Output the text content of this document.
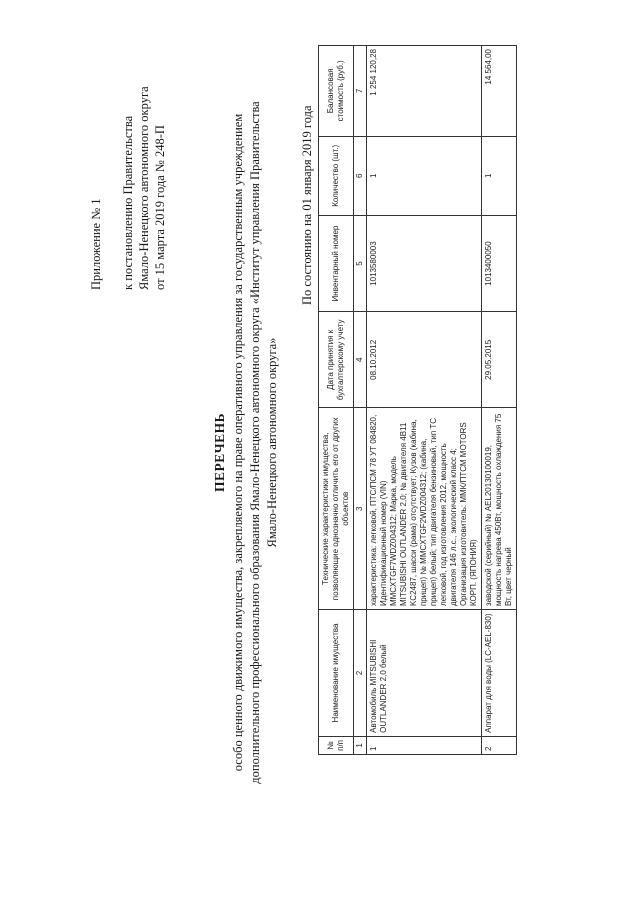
Приложение № 1 к постановлению Правительства Ямало-Ненецкого автономного округа от 15 марта 2019 года № 248-П
ПЕРЕЧЕНЬ особо ценного движимого имущества, закрепляемого на праве оперативного управления за государственным учреждением дополнительного профессионального образования Ямало-Ненецкого автономного округа «Институт управления Правительства Ямало-Ненецкого автономного округа»
По состоянию на 01 января 2019 года
№ п/п	Наименование имущества	Технические характеристики имущества, позволяющие однозначно отличить его от других объектов	Дата принятия к бухгалтерскому учету	Инвентарный номер	Количество (шт.)	Балансовая стоимость (руб.)
1	2	3	4	5	6	7
1	Автомобиль MITSUBISHI OUTLANDER 2,0 белый	характеристика: легковой, ПТС/ПСМ 78 УТ 084820, Идентификационный номер (VIN) MMCXTGF7WDZ004312; Марка, модель MITSUBISHI OUTLANDER 2,0; № двигателя 4B11 KC2487, шасси (рама) отсутствует; Кузов (кабина, прицеп) № MMCXTGF2WDZ004312; (кабина, прицеп) белый; тип двигателя бензиновый, тип ТС легковой, год изготовления 2012, мощность двигателя 146 л.с., экологический класс 4; Организация изготовитель: ММК/ПТСМ MOTORS КОРП. (ЯПОНИЯ)	08.10.2012	1013580003	1	1 254 120,28
2	Аппарат для воды (LC-AEL-830)	заводской (серийный) № AEL20130100019, мощность нагрева 450Вт, мощность охлаждения 75 Вт, цвет черный	29.05.2015	1013400050	1	14 564,00
